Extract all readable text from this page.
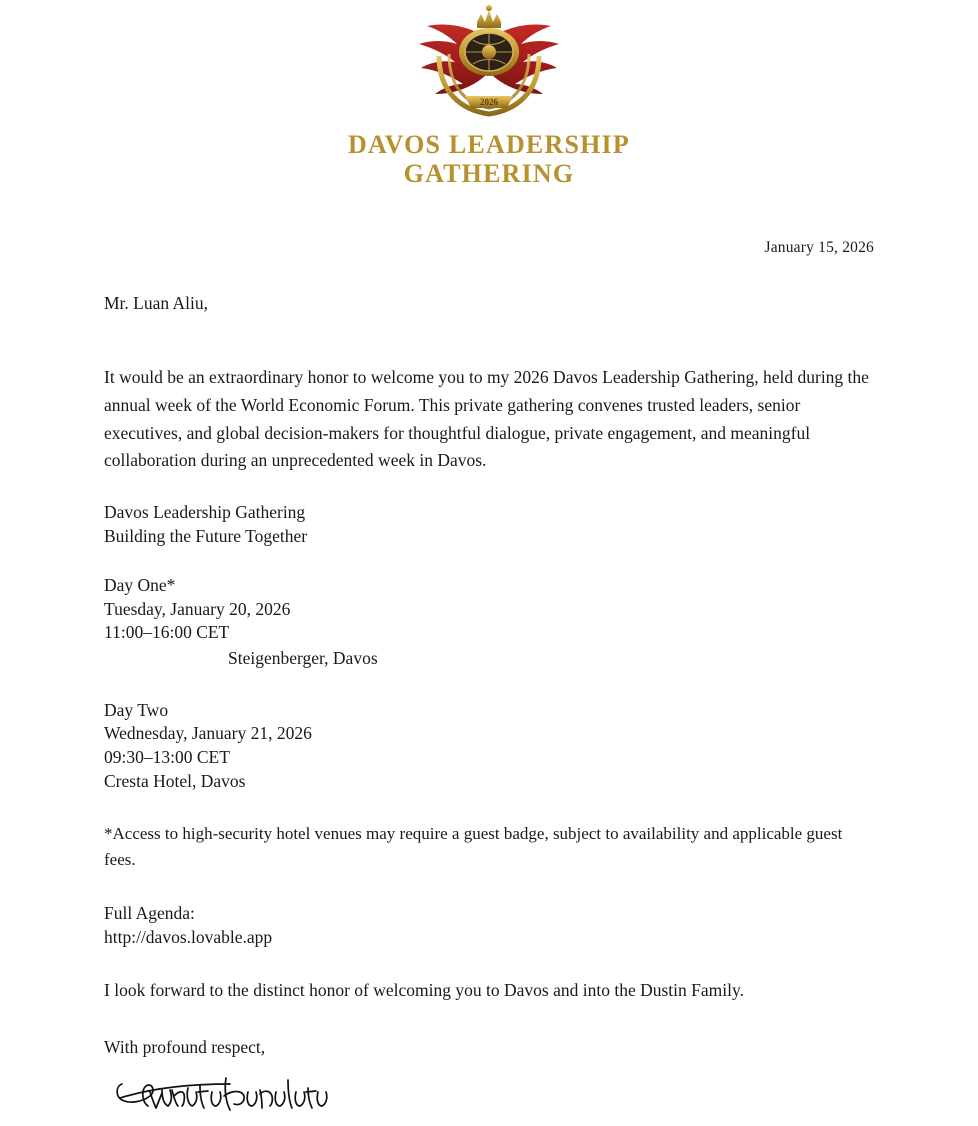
2026
DAVOS LEADERSHIP
GATHERING
January 15, 2026
Mr. Luan Aliu,
It would be an extraordinary honor to welcome you to my 2026 Davos Leadership Gathering, held during the annual week of the World Economic Forum. This private gathering convenes trusted leaders, senior executives, and global decision-makers for thoughtful dialogue, private engagement, and meaningful collaboration during an unprecedented week in Davos.
Davos Leadership Gathering
Building the Future Together
Day One*
Tuesday, January 20, 2026
11:00–16:00 CET
Steigenberger, Davos
Day Two
Wednesday, January 21, 2026
09:30–13:00 CET
Cresta Hotel, Davos
*Access to high-security hotel venues may require a guest badge, subject to availability and applicable guest fees.
Full Agenda:
http://davos.lovable.app
I look forward to the distinct honor of welcoming you to Davos and into the Dustin Family.
With profound respect,
